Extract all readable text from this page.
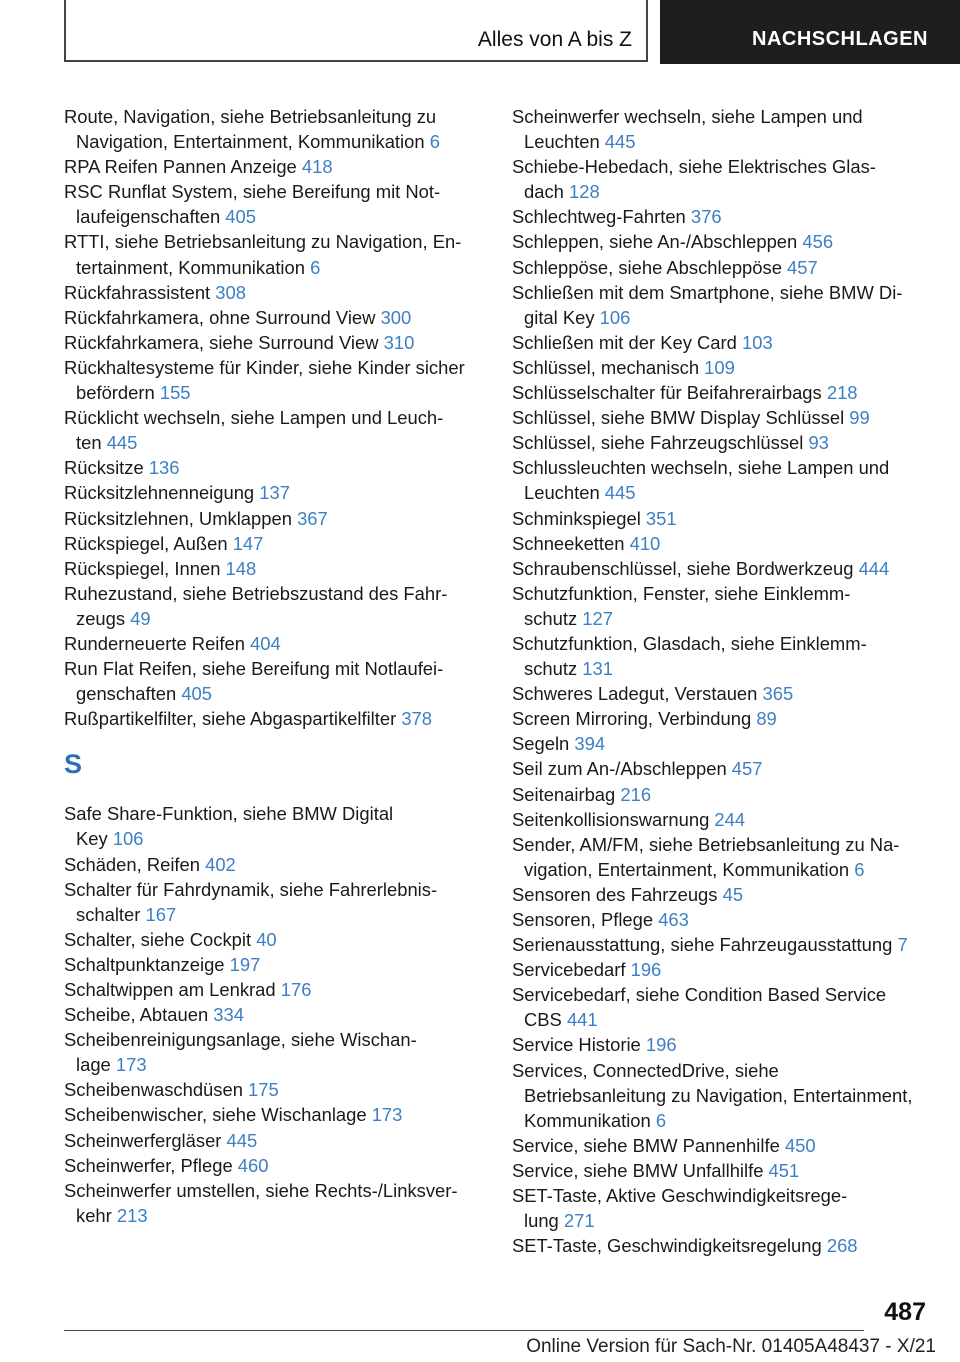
Alles von A bis Z	NACHSCHLAGEN
Route, Navigation, siehe Betriebsanleitung zu
Navigation, Entertainment, Kommunikation 6
RPA Reifen Pannen Anzeige 418
RSC Runflat System, siehe Bereifung mit Not-
laufeigenschaften 405
RTTI, siehe Betriebsanleitung zu Navigation, En-
tertainment, Kommunikation 6
Rückfahrassistent 308
Rückfahrkamera, ohne Surround View 300
Rückfahrkamera, siehe Surround View 310
Rückhaltesysteme für Kinder, siehe Kinder sicher
befördern 155
Rücklicht wechseln, siehe Lampen und Leuch-
ten 445
Rücksitze 136
Rücksitzlehnenneigung 137
Rücksitzlehnen, Umklappen 367
Rückspiegel, Außen 147
Rückspiegel, Innen 148
Ruhezustand, siehe Betriebszustand des Fahr-
zeugs 49
Runderneuerte Reifen 404
Run Flat Reifen, siehe Bereifung mit Notlaufei-
genschaften 405
Rußpartikelfilter, siehe Abgaspartikelfilter 378
S
Safe Share-Funktion, siehe BMW Digital
Key 106
Schäden, Reifen 402
Schalter für Fahrdynamik, siehe Fahrerlebnis-
schalter 167
Schalter, siehe Cockpit 40
Schaltpunktanzeige 197
Schaltwippen am Lenkrad 176
Scheibe, Abtauen 334
Scheibenreinigungsanlage, siehe Wischan-
lage 173
Scheibenwaschdüsen 175
Scheibenwischer, siehe Wischanlage 173
Scheinwerfergläser 445
Scheinwerfer, Pflege 460
Scheinwerfer umstellen, siehe Rechts-/Linksver-
kehr 213
Scheinwerfer wechseln, siehe Lampen und
Leuchten 445
Schiebe-Hebedach, siehe Elektrisches Glas-
dach 128
Schlechtweg-Fahrten 376
Schleppen, siehe An-/Abschleppen 456
Schleppöse, siehe Abschleppöse 457
Schließen mit dem Smartphone, siehe BMW Di-
gital Key 106
Schließen mit der Key Card 103
Schlüssel, mechanisch 109
Schlüsselschalter für Beifahrerairbags 218
Schlüssel, siehe BMW Display Schlüssel 99
Schlüssel, siehe Fahrzeugschlüssel 93
Schlussleuchten wechseln, siehe Lampen und
Leuchten 445
Schminkspiegel 351
Schneeketten 410
Schraubenschlüssel, siehe Bordwerkzeug 444
Schutzfunktion, Fenster, siehe Einklemm-
schutz 127
Schutzfunktion, Glasdach, siehe Einklemm-
schutz 131
Schweres Ladegut, Verstauen 365
Screen Mirroring, Verbindung 89
Segeln 394
Seil zum An-/Abschleppen 457
Seitenairbag 216
Seitenkollisionswarnung 244
Sender, AM/FM, siehe Betriebsanleitung zu Na-
vigation, Entertainment, Kommunikation 6
Sensoren des Fahrzeugs 45
Sensoren, Pflege 463
Serienausstattung, siehe Fahrzeugausstattung 7
Servicebedarf 196
Servicebedarf, siehe Condition Based Service
CBS 441
Service Historie 196
Services, ConnectedDrive, siehe
Betriebsanleitung zu Navigation, Entertainment,
Kommunikation 6
Service, siehe BMW Pannenhilfe 450
Service, siehe BMW Unfallhilfe 451
SET-Taste, Aktive Geschwindigkeitsrege-
lung 271
SET-Taste, Geschwindigkeitsregelung 268
487
Online Version für Sach-Nr. 01405A48437 - X/21
